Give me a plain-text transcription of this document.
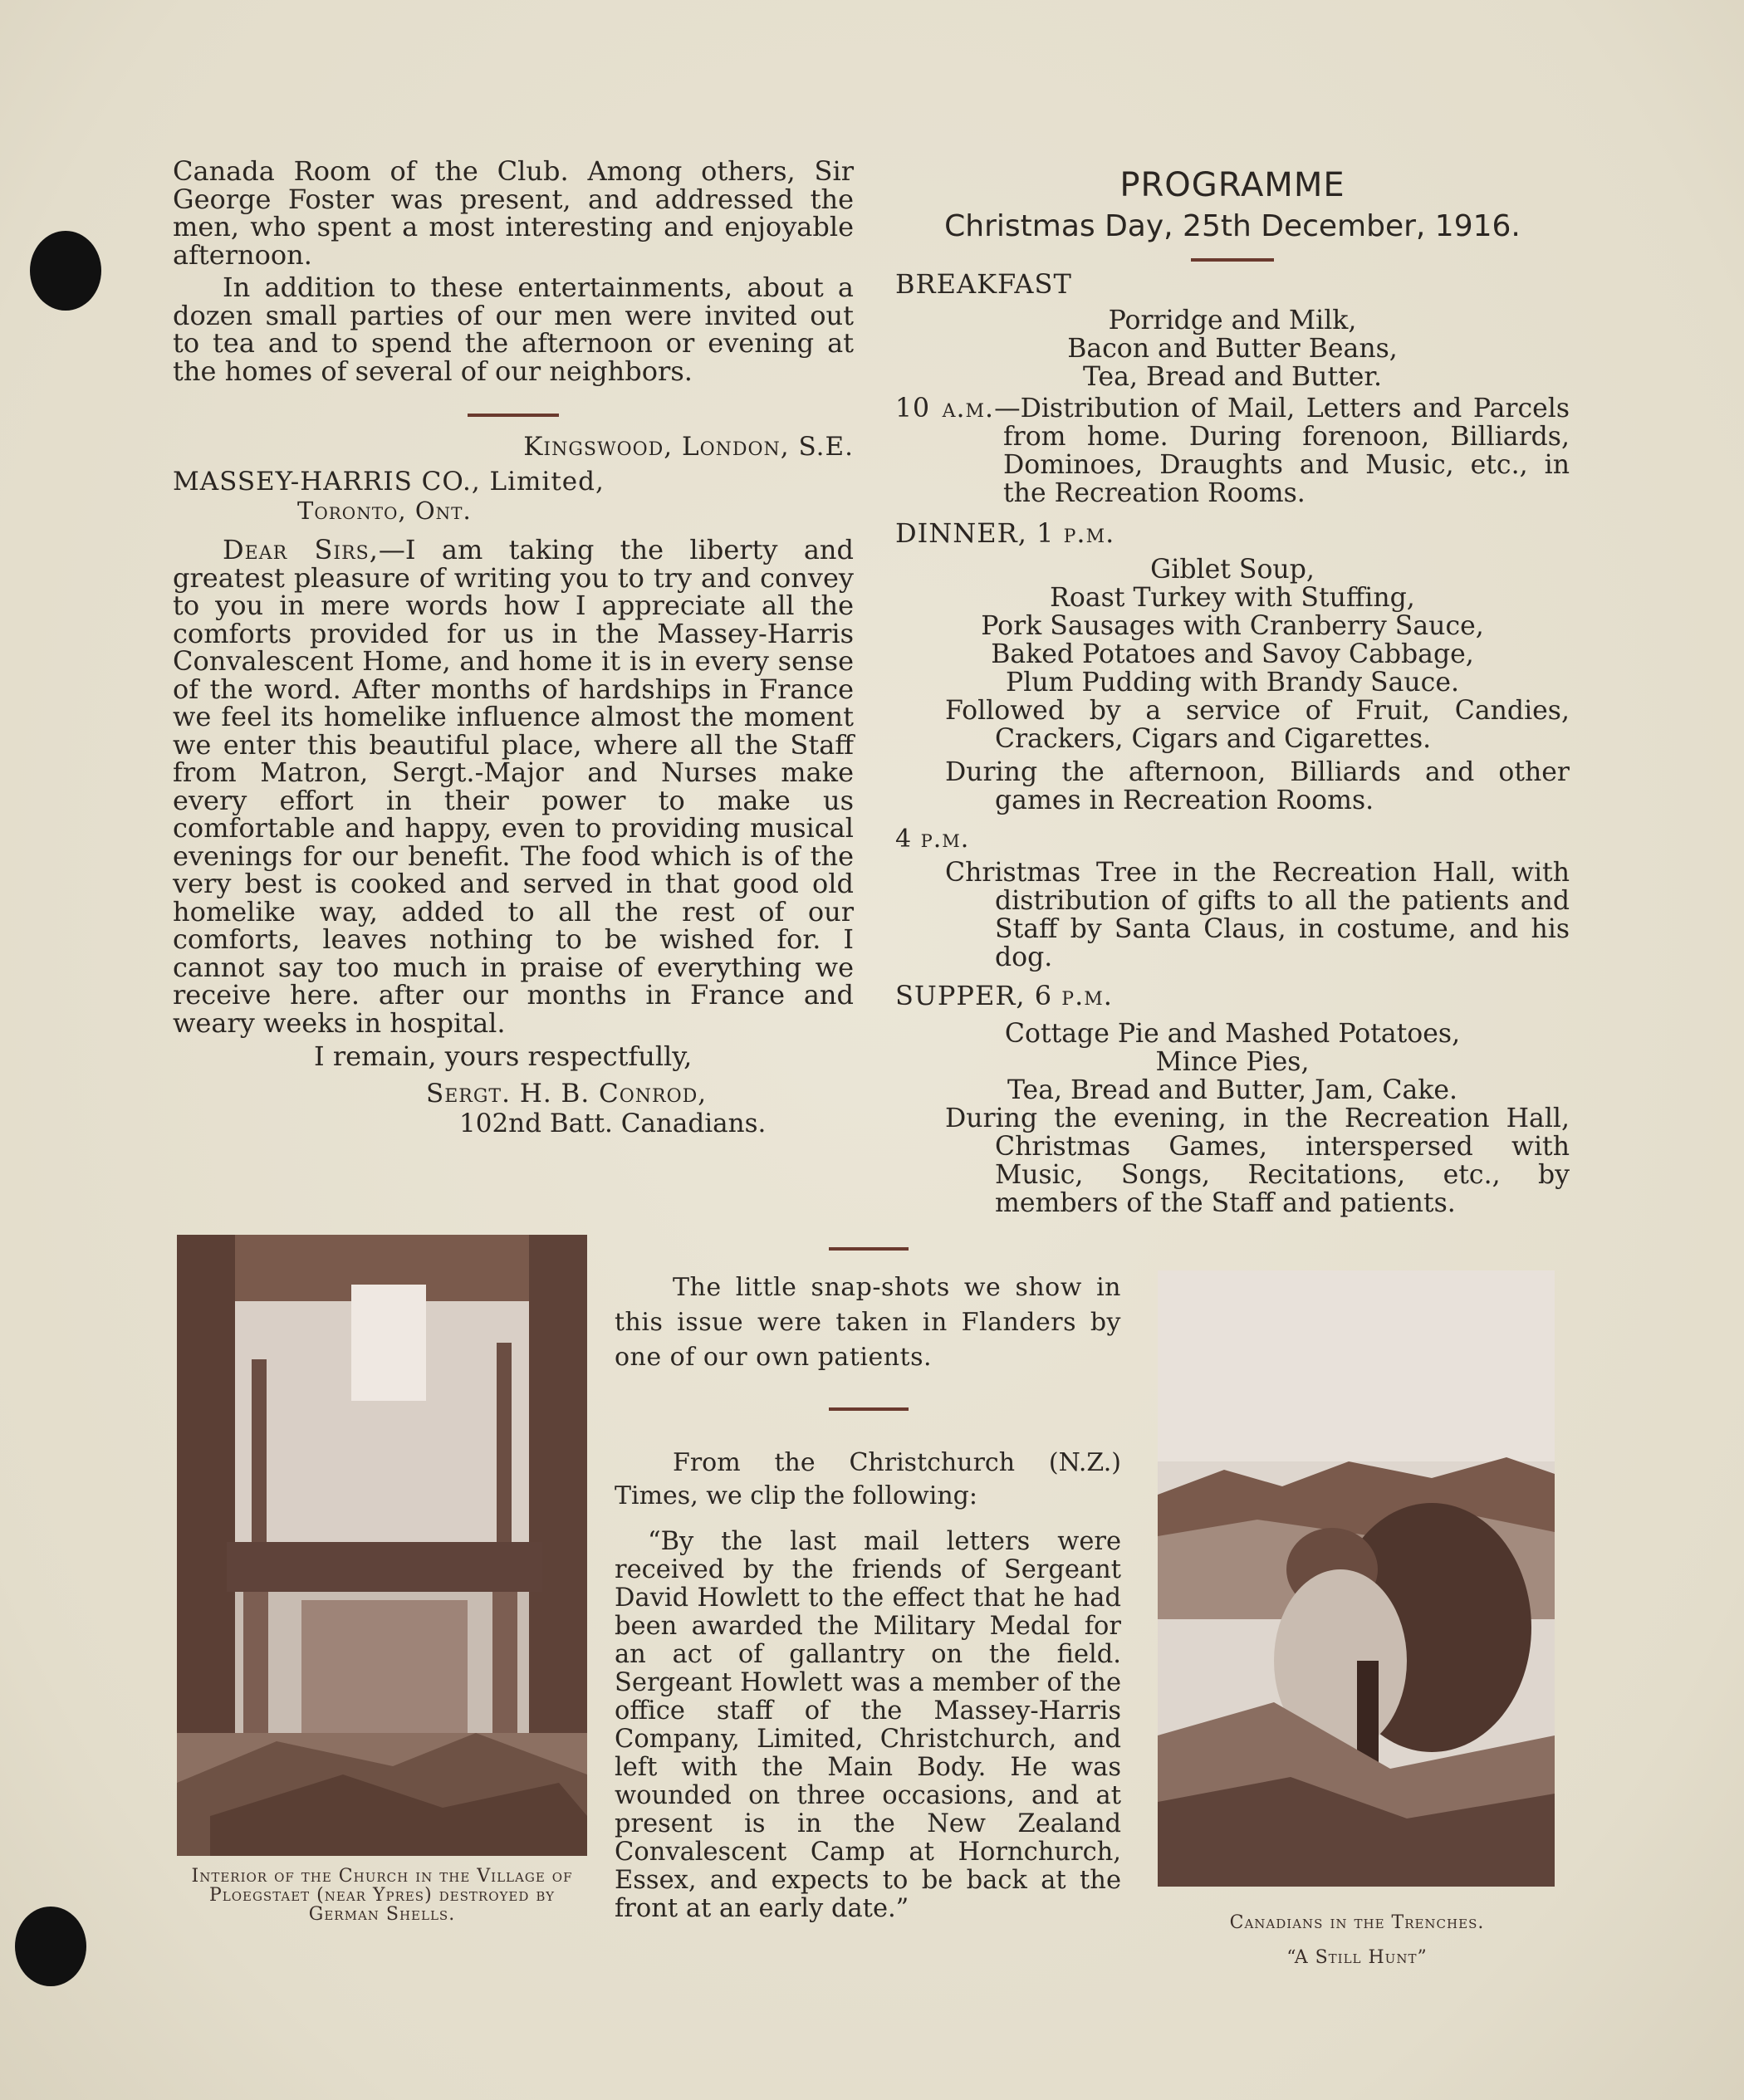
Canada Room of the Club. Among others, Sir George Foster was present, and addressed the men, who spent a most interesting and enjoyable afternoon.

In addition to these entertainments, about a dozen small parties of our men were invited out to tea and to spend the afternoon or evening at the homes of several of our neighbors.

Kingswood, London, S.E.

MASSEY-HARRIS CO., Limited,

Toronto, Ont.

Dear Sirs,—I am taking the liberty and greatest pleasure of writing you to try and convey to you in mere words how I appreciate all the comforts provided for us in the Massey-Harris Convalescent Home, and home it is in every sense of the word. After months of hardships in France we feel its homelike influence almost the moment we enter this beautiful place, where all the Staff from Matron, Sergt.-Major and Nurses make every effort in their power to make us comfortable and happy, even to providing musical evenings for our benefit. The food which is of the very best is cooked and served in that good old homelike way, added to all the rest of our comforts, leaves nothing to be wished for. I cannot say too much in praise of everything we receive here. after our months in France and weary weeks in hospital.

I remain, yours respectfully,

Sergt. H. B. Conrod,

102nd Batt. Canadians.

PROGRAMME

Christmas Day, 25th December, 1916.

BREAKFAST

Porridge and Milk,

Bacon and Butter Beans,

Tea, Bread and Butter.

10 a.m.—Distribution of Mail, Letters and Parcels from home. During forenoon, Billiards, Dominoes, Draughts and Music, etc., in the Recreation Rooms.

DINNER, 1 p.m.

Giblet Soup,

Roast Turkey with Stuffing,

Pork Sausages with Cranberry Sauce,

Baked Potatoes and Savoy Cabbage,

Plum Pudding with Brandy Sauce.

Followed by a service of Fruit, Candies, Crackers, Cigars and Cigarettes.

During the afternoon, Billiards and other games in Recreation Rooms.

4 p.m.

Christmas Tree in the Recreation Hall, with distribution of gifts to all the patients and Staff by Santa Claus, in costume, and his dog.

SUPPER, 6 p.m.

Cottage Pie and Mashed Potatoes,

Mince Pies,

Tea, Bread and Butter, Jam, Cake.

During the evening, in the Recreation Hall, Christmas Games, interspersed with Music, Songs, Recitations, etc., by members of the Staff and patients.

Interior of the Church in the Village of Ploegstaet (near Ypres) destroyed by German Shells.

The little snap-shots we show in this issue were taken in Flanders by one of our own patients.

From the Christchurch (N.Z.) Times, we clip the following:

“By the last mail letters were received by the friends of Sergeant David Howlett to the effect that he had been awarded the Military Medal for an act of gallantry on the field. Sergeant Howlett was a member of the office staff of the Massey-Harris Company, Limited, Christchurch, and left with the Main Body. He was wounded on three occasions, and at present is in the New Zealand Convalescent Camp at Hornchurch, Essex, and expects to be back at the front at an early date.”	Canadians in the Trenches.
“A Still Hunt”
